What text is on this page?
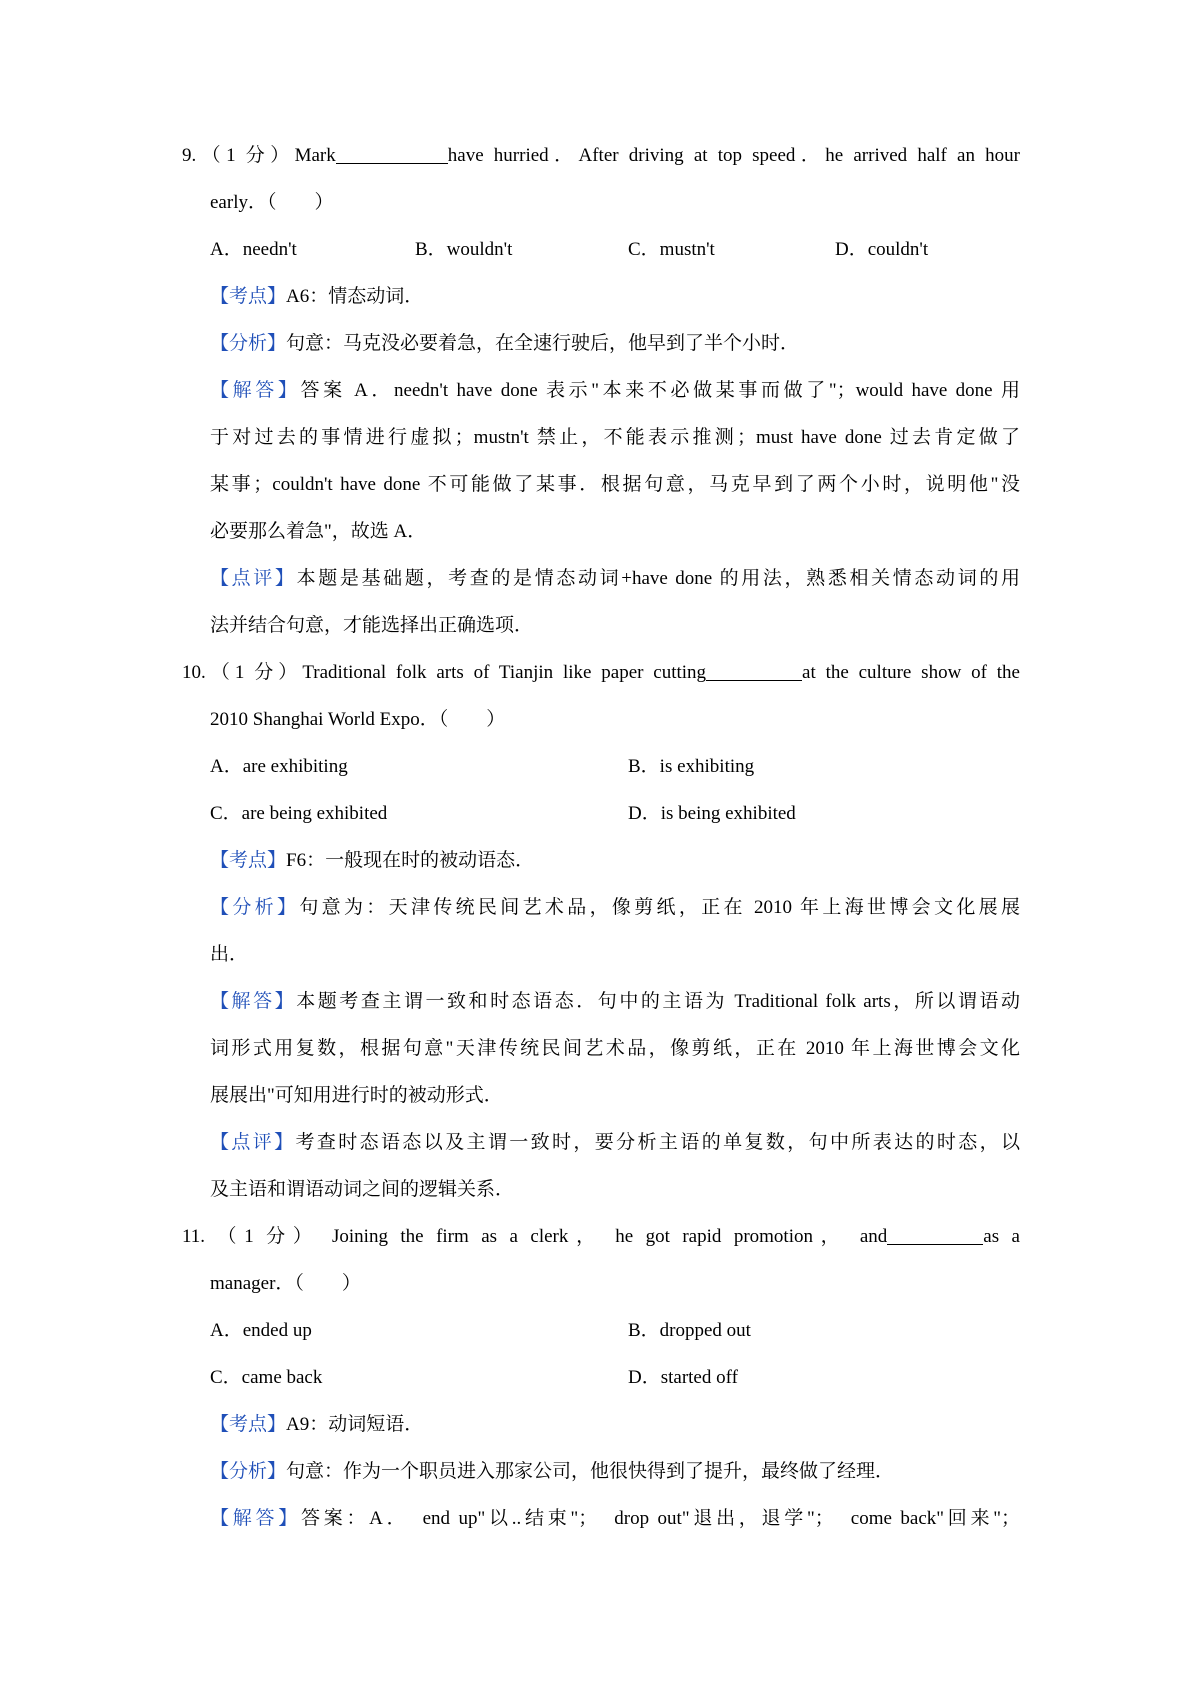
9.（1 分）Mark	have hurried．After driving at top speed．he arrived half an hour
early．（　　）
A．needn't	B．wouldn't	C．mustn't	D．couldn't
【考点】A6：情态动词．
【分析】句意：马克没必要着急，在全速行驶后，他早到了半个小时．
【解答】答案 A．needn't have done 表示"本来不必做某事而做了"；would have done 用
于对过去的事情进行虚拟；mustn't 禁止，不能表示推测；must have done 过去肯定做了
某事；couldn't have done 不可能做了某事．根据句意，马克早到了两个小时，说明他"没
必要那么着急"，故选 A．
【点评】本题是基础题，考查的是情态动词+have done 的用法，熟悉相关情态动词的用
法并结合句意，才能选择出正确选项．
10.（1 分）Traditional folk arts of Tianjin like paper cutting	at the culture show of the
2010 Shanghai World Expo．（　　）
A．are exhibiting	B．is exhibiting
C．are being exhibited	D．is being exhibited
【考点】F6：一般现在时的被动语态．
【分析】句意为：天津传统民间艺术品，像剪纸，正在 2010 年上海世博会文化展展
出．
【解答】本题考查主谓一致和时态语态．句中的主语为 Traditional folk arts，所以谓语动
词形式用复数，根据句意"天津传统民间艺术品，像剪纸，正在 2010 年上海世博会文化
展展出"可知用进行时的被动形式．
【点评】考查时态语态以及主谓一致时，要分析主语的单复数，句中所表达的时态，以
及主语和谓语动词之间的逻辑关系．
11. （1 分） Joining the firm as a clerk， he got rapid promotion， and	as a
manager．（　　）
A．ended up	B．dropped out
C．came back	D．started off
【考点】A9：动词短语．
【分析】句意：作为一个职员进入那家公司，他很快得到了提升，最终做了经理．
【解答】答案：A．　end up"以..结束"；　drop out"退出，退学"；　come back"回来"；
